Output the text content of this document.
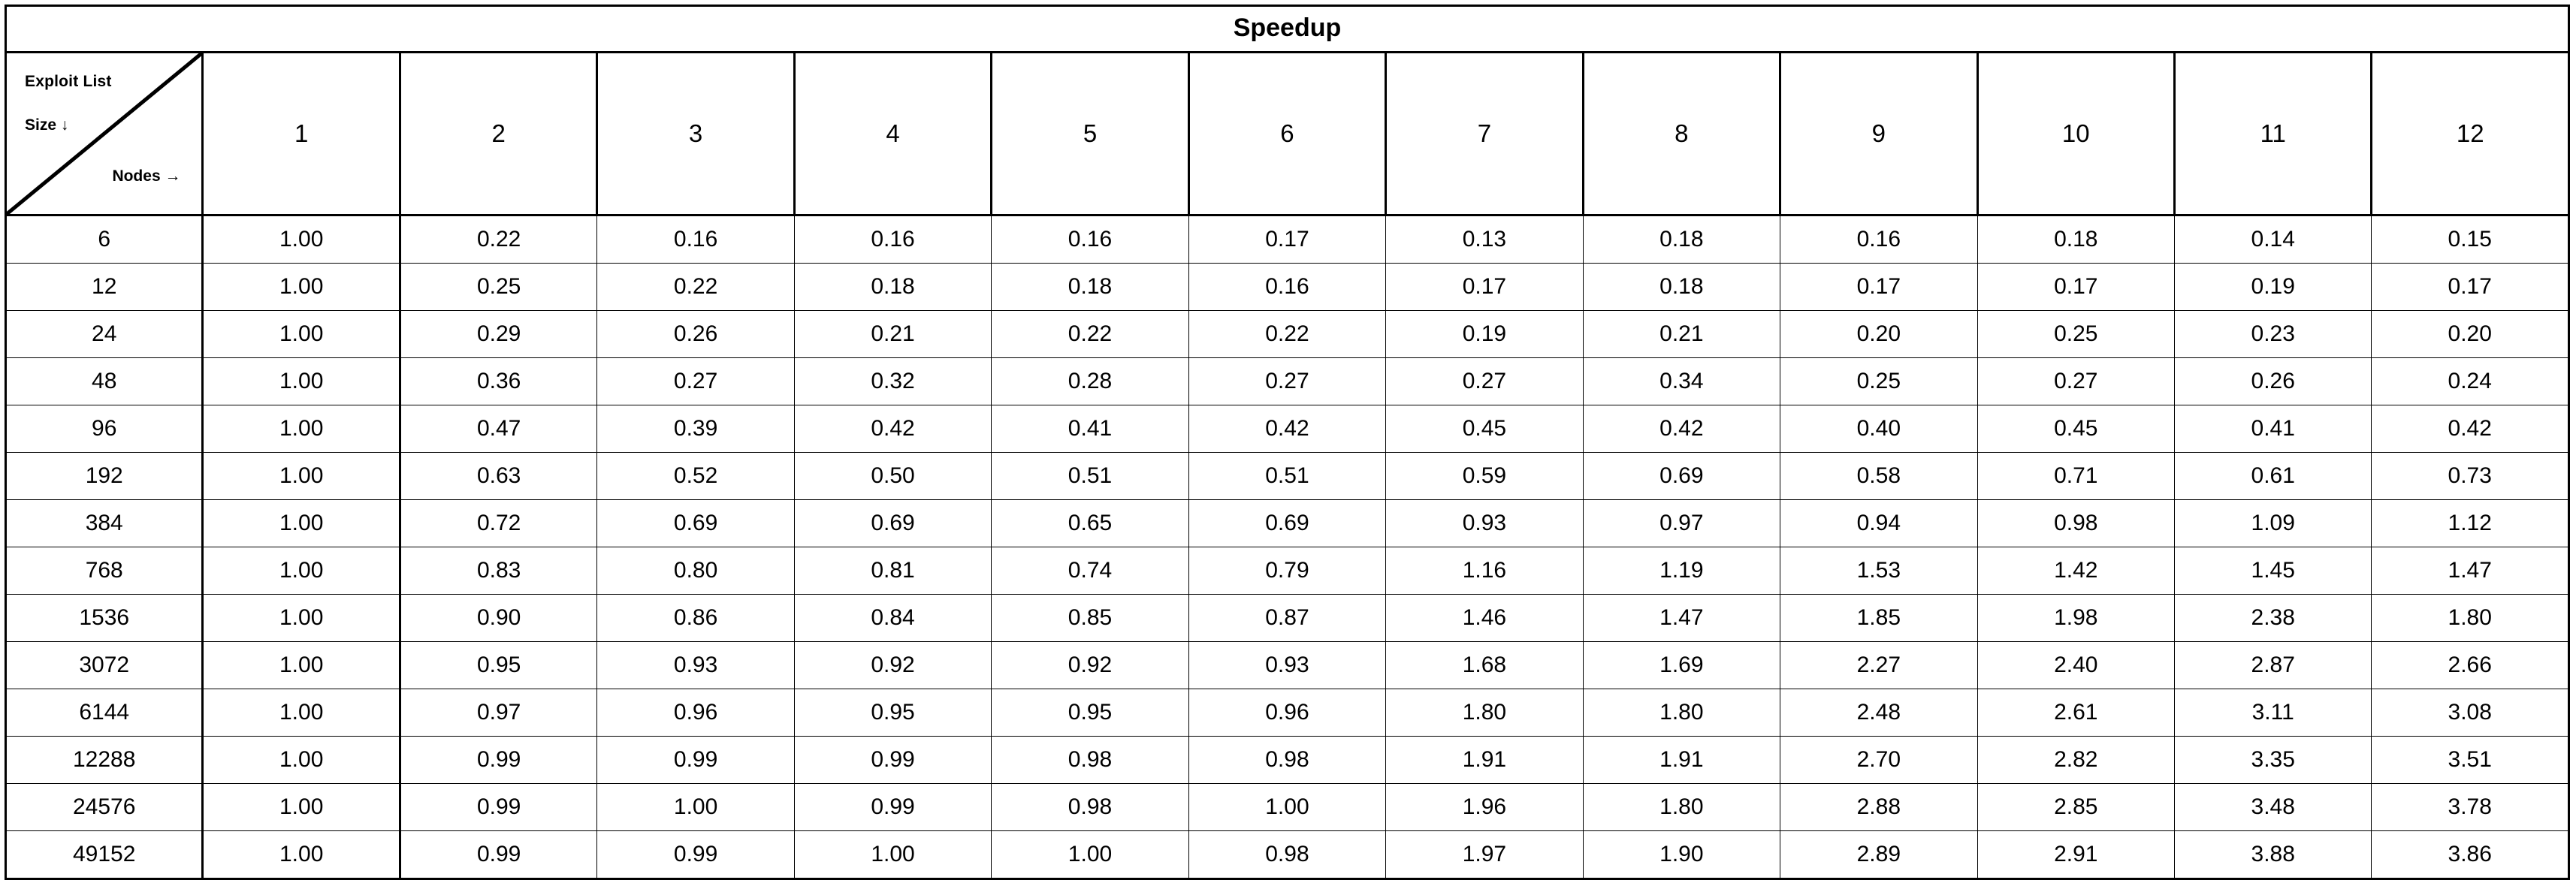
Speedup												

Exploit List
Size ↓
Nodes →	1	2	3	4	5	6	7	8	9	10	11	12
6	1.00	0.22	0.16	0.16	0.16	0.17	0.13	0.18	0.16	0.18	0.14	0.15
12	1.00	0.25	0.22	0.18	0.18	0.16	0.17	0.18	0.17	0.17	0.19	0.17
24	1.00	0.29	0.26	0.21	0.22	0.22	0.19	0.21	0.20	0.25	0.23	0.20
48	1.00	0.36	0.27	0.32	0.28	0.27	0.27	0.34	0.25	0.27	0.26	0.24
96	1.00	0.47	0.39	0.42	0.41	0.42	0.45	0.42	0.40	0.45	0.41	0.42
192	1.00	0.63	0.52	0.50	0.51	0.51	0.59	0.69	0.58	0.71	0.61	0.73
384	1.00	0.72	0.69	0.69	0.65	0.69	0.93	0.97	0.94	0.98	1.09	1.12
768	1.00	0.83	0.80	0.81	0.74	0.79	1.16	1.19	1.53	1.42	1.45	1.47
1536	1.00	0.90	0.86	0.84	0.85	0.87	1.46	1.47	1.85	1.98	2.38	1.80
3072	1.00	0.95	0.93	0.92	0.92	0.93	1.68	1.69	2.27	2.40	2.87	2.66
6144	1.00	0.97	0.96	0.95	0.95	0.96	1.80	1.80	2.48	2.61	3.11	3.08
12288	1.00	0.99	0.99	0.99	0.98	0.98	1.91	1.91	2.70	2.82	3.35	3.51
24576	1.00	0.99	1.00	0.99	0.98	1.00	1.96	1.80	2.88	2.85	3.48	3.78
49152	1.00	0.99	0.99	1.00	1.00	0.98	1.97	1.90	2.89	2.91	3.88	3.86
